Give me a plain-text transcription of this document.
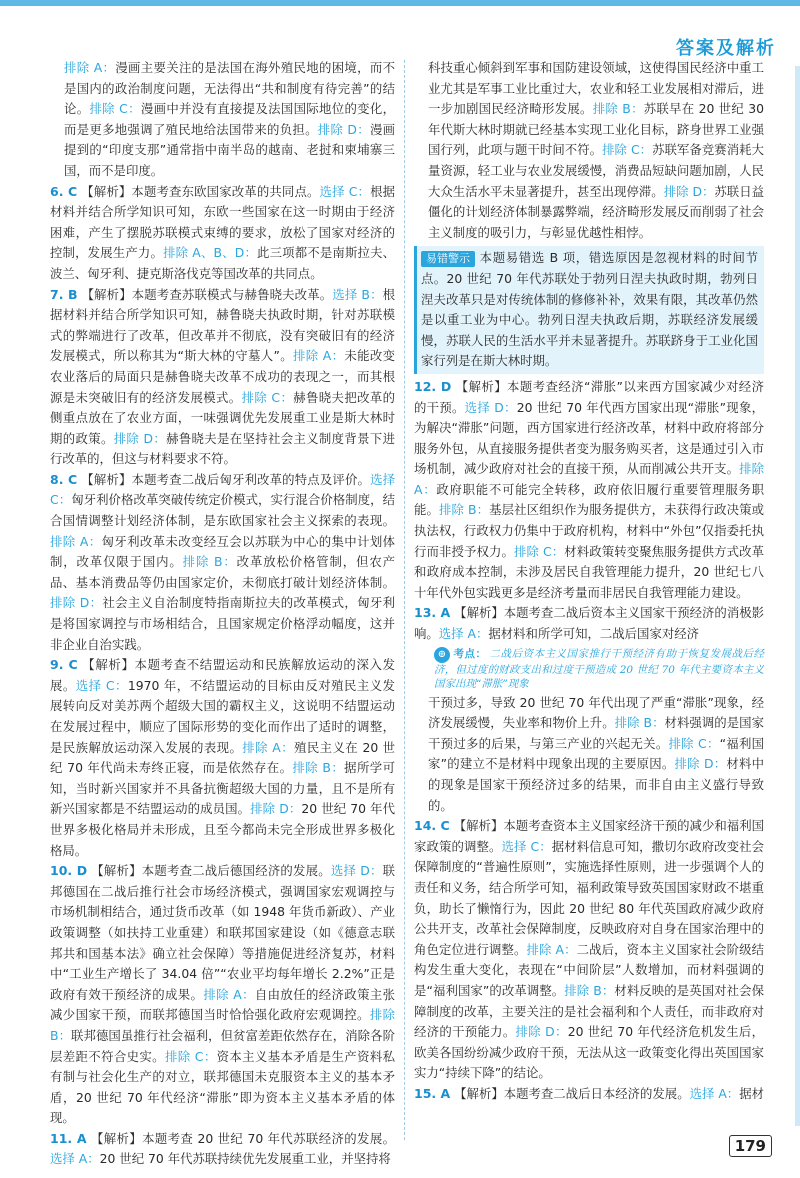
答案及解析

排除 A：漫画主要关注的是法国在海外殖民地的困境，而不是国内的政治制度问题，无法得出“共和制度有待完善”的结论。排除 C：漫画中并没有直接提及法国国际地位的变化，而是更多地强调了殖民地给法国带来的负担。排除 D：漫画提到的“印度支那”通常指中南半岛的越南、老挝和柬埔寨三国，而不是印度。

6. C 【解析】本题考查东欧国家改革的共同点。选择 C：根据材料并结合所学知识可知，东欧一些国家在这一时期由于经济困难，产生了摆脱苏联模式束缚的要求，放松了国家对经济的控制，发展生产力。排除 A、B、D：此三项都不是南斯拉夫、波兰、匈牙利、捷克斯洛伐克等国改革的共同点。

7. B 【解析】本题考查苏联模式与赫鲁晓夫改革。选择 B：根据材料并结合所学知识可知，赫鲁晓夫执政时期，针对苏联模式的弊端进行了改革，但改革并不彻底，没有突破旧有的经济发展模式，所以称其为“斯大林的守墓人”。排除 A：未能改变农业落后的局面只是赫鲁晓夫改革不成功的表现之一，而其根源是未突破旧有的经济发展模式。排除 C：赫鲁晓夫把改革的侧重点放在了农业方面，一味强调优先发展重工业是斯大林时期的政策。排除 D：赫鲁晓夫是在坚持社会主义制度背景下进行改革的，但这与材料要求不符。

8. C 【解析】本题考查二战后匈牙利改革的特点及评价。选择 C：匈牙利价格改革突破传统定价模式，实行混合价格制度，结合国情调整计划经济体制，是东欧国家社会主义探索的表现。排除 A：匈牙利改革未改变经互会以苏联为中心的集中计划体制，改革仅限于国内。排除 B：改革放松价格管制，但农产品、基本消费品等仍由国家定价，未彻底打破计划经济体制。排除 D：社会主义自治制度特指南斯拉夫的改革模式，匈牙利是将国家调控与市场相结合，且国家规定价格浮动幅度，这并非企业自治实践。

9. C 【解析】本题考查不结盟运动和民族解放运动的深入发展。选择 C：1970 年，不结盟运动的目标由反对殖民主义发展转向反对美苏两个超级大国的霸权主义，这说明不结盟运动在发展过程中，顺应了国际形势的变化而作出了适时的调整，是民族解放运动深入发展的表现。排除 A：殖民主义在 20 世纪 70 年代尚未寿终正寝，而是依然存在。排除 B：据所学可知，当时新兴国家并不具备抗衡超级大国的力量，且不是所有新兴国家都是不结盟运动的成员国。排除 D：20 世纪 70 年代世界多极化格局并未形成，且至今都尚未完全形成世界多极化格局。

10. D 【解析】本题考查二战后德国经济的发展。选择 D：联邦德国在二战后推行社会市场经济模式，强调国家宏观调控与市场机制相结合，通过货币改革（如 1948 年货币新政）、产业政策调整（如扶持工业重建）和联邦国家建设（如《德意志联邦共和国基本法》确立社会保障）等措施促进经济复苏，材料中“工业生产增长了 34.04 倍”“农业平均每年增长 2.2%”正是政府有效干预经济的成果。排除 A：自由放任的经济政策主张减少国家干预，而联邦德国当时恰恰强化政府宏观调控。排除 B：联邦德国虽推行社会福利，但贫富差距依然存在，消除各阶层差距不符合史实。排除 C：资本主义基本矛盾是生产资料私有制与社会化生产的对立，联邦德国未克服资本主义的基本矛盾，20 世纪 70 年代经济“滞胀”即为资本主义基本矛盾的体现。

11. A 【解析】本题考查 20 世纪 70 年代苏联经济的发展。选择 A：20 世纪 70 年代苏联持续优先发展重工业，并坚持将

科技重心倾斜到军事和国防建设领域，这使得国民经济中重工业尤其是军事工业比重过大，农业和轻工业发展相对滞后，进一步加剧国民经济畸形发展。排除 B：苏联早在 20 世纪 30 年代斯大林时期就已经基本实现工业化目标，跻身世界工业强国行列，此项与题干时间不符。排除 C：苏联军备竞赛消耗大量资源，轻工业与农业发展缓慢，消费品短缺问题加剧，人民大众生活水平未显著提升，甚至出现停滞。排除 D：苏联日益僵化的计划经济体制暴露弊端，经济畸形发展反而削弱了社会主义制度的吸引力，与彰显优越性相悖。

易错警示 本题易错选 B 项，错选原因是忽视材料的时间节点。20 世纪 70 年代苏联处于勃列日涅夫执政时期，勃列日涅夫改革只是对传统体制的修修补补，效果有限，其改革仍然是以重工业为中心。勃列日涅夫执政后期，苏联经济发展缓慢，苏联人民的生活水平并未显著提升。苏联跻身于工业化国家行列是在斯大林时期。

12. D 【解析】本题考查经济“滞胀”以来西方国家减少对经济的干预。选择 D：20 世纪 70 年代西方国家出现“滞胀”现象，为解决“滞胀”问题，西方国家进行经济改革，材料中政府将部分服务外包，从直接服务提供者变为服务购买者，这是通过引入市场机制，减少政府对社会的直接干预，从而削减公共开支。排除 A：政府职能不可能完全转移，政府依旧履行重要管理服务职能。排除 B：基层社区组织作为服务提供方，未获得行政决策或执法权，行政权力仍集中于政府机构，材料中“外包”仅指委托执行而非授予权力。排除 C：材料政策转变聚焦服务提供方式改革和政府成本控制，未涉及居民自我管理能力提升，20 世纪七八十年代外包实践更多是经济考量而非居民自我管理能力建设。

13. A 【解析】本题考查二战后资本主义国家干预经济的消极影响。选择 A：据材料和所学可知，二战后国家对经济

⊕ 考点： 二战后资本主义国家推行干预经济有助于恢复发展战后经济，但过度的财政支出和过度干预造成 20 世纪 70 年代主要资本主义国家出现“滞胀”现象

干预过多，导致 20 世纪 70 年代出现了严重“滞胀”现象，经济发展缓慢，失业率和物价上升。排除 B：材料强调的是国家干预过多的后果，与第三产业的兴起无关。排除 C：“福利国家”的建立不是材料中现象出现的主要原因。排除 D：材料中的现象是国家干预经济过多的结果，而非自由主义盛行导致的。

14. C 【解析】本题考查资本主义国家经济干预的减少和福利国家政策的调整。选择 C：据材料信息可知，撒切尔政府改变社会保障制度的“普遍性原则”，实施选择性原则，进一步强调个人的责任和义务，结合所学可知，福利政策导致英国国家财政不堪重负，助长了懒惰行为，因此 20 世纪 80 年代英国政府减少政府公共开支，改革社会保障制度，反映政府对自身在国家治理中的角色定位进行调整。排除 A：二战后，资本主义国家社会阶级结构发生重大变化，表现在“中间阶层”人数增加，而材料强调的是“福利国家”的改革调整。排除 B：材料反映的是英国对社会保障制度的改革，主要关注的是社会福利和个人责任，而非政府对经济的干预能力。排除 D：20 世纪 70 年代经济危机发生后，欧美各国纷纷减少政府干预，无法从这一政策变化得出英国国家实力“持续下降”的结论。

15. A 【解析】本题考查二战后日本经济的发展。选择 A：据材

179
